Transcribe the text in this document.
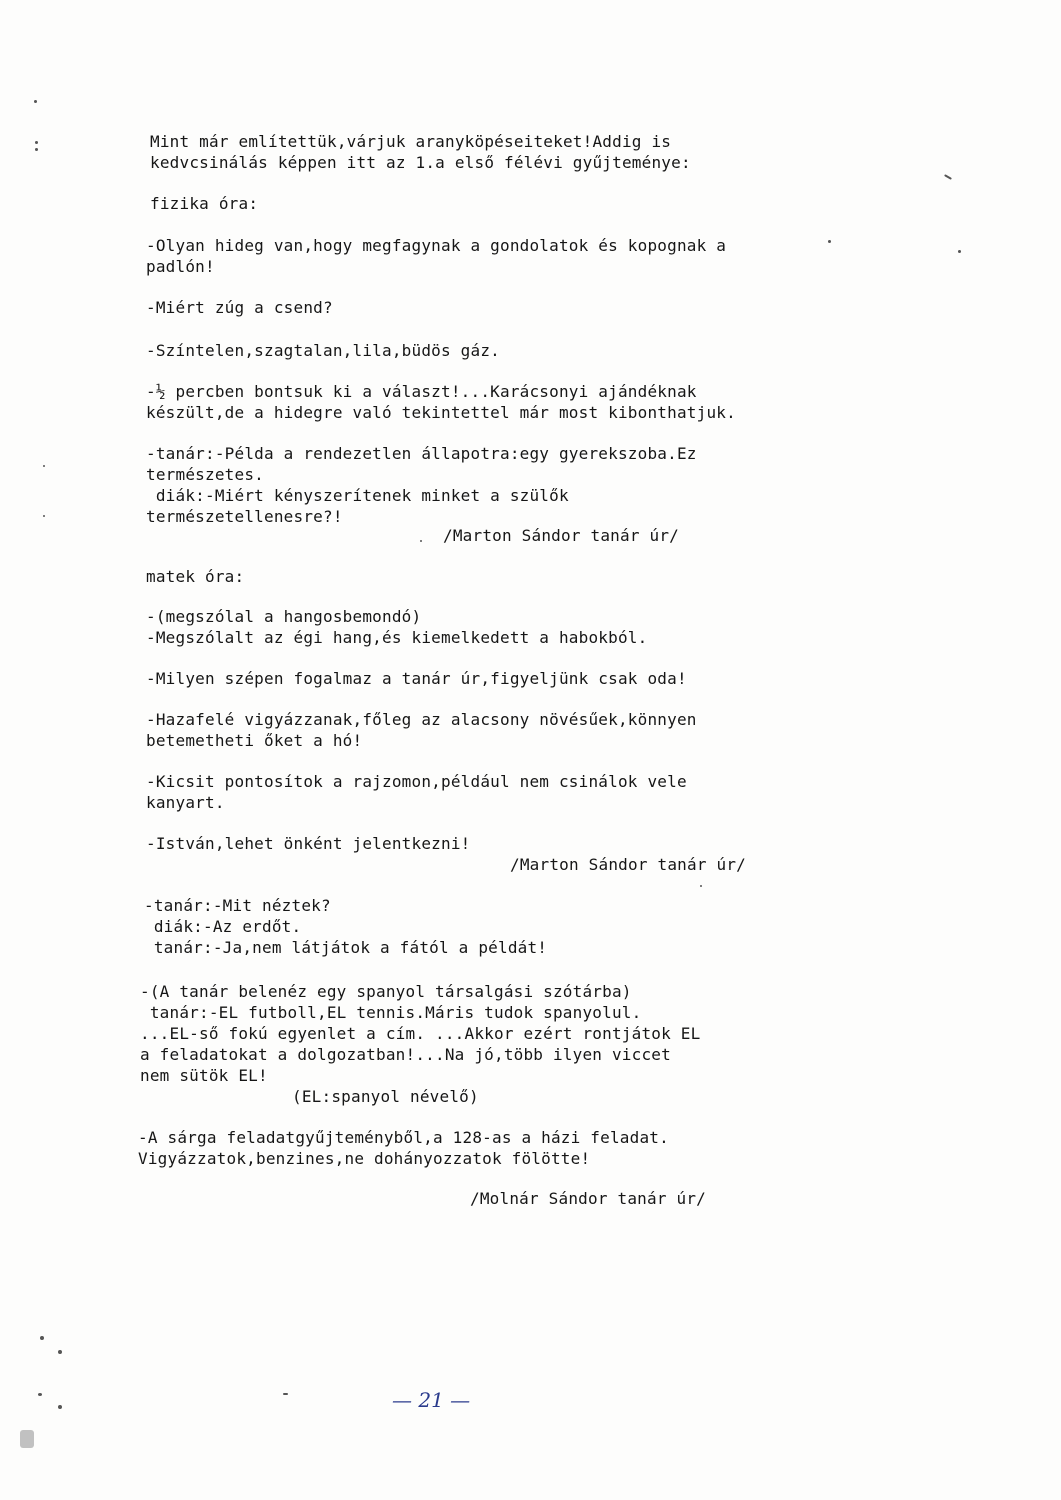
Mint már említettük,várjuk aranyköpéseiteket!Addig is

kedvcsinálás képpen itt az 1.a első félévi gyűjteménye:

fizika óra:

-Olyan hideg van,hogy megfagynak a gondolatok és kopognak a

padlón!

-Miért zúg a csend?

-Színtelen,szagtalan,lila,büdös gáz.

-½ percben bontsuk ki a választ!...Karácsonyi ajándéknak

készült,de a hidegre való tekintettel már most kibonthatjuk.

-tanár:-Példa a rendezetlen állapotra:egy gyerekszoba.Ez

természetes.

diák:-Miért kényszerítenek minket a szülők

természetellenesre?!

/Marton Sándor tanár úr/

matek óra:

-(megszólal a hangosbemondó)

-Megszólalt az égi hang,és kiemelkedett a habokból.

-Milyen szépen fogalmaz a tanár úr,figyeljünk csak oda!

-Hazafelé vigyázzanak,főleg az alacsony növésűek,könnyen

betemetheti őket a hó!

-Kicsit pontosítok a rajzomon,például nem csinálok vele

kanyart.

-István,lehet önként jelentkezni!

/Marton Sándor tanár úr/

-tanár:-Mit néztek?

diák:-Az erdőt.

tanár:-Ja,nem látjátok a fától a példát!

-(A tanár belenéz egy spanyol társalgási szótárba)

tanár:-EL futboll,EL tennis.Máris tudok spanyolul.

...EL-ső fokú egyenlet a cím. ...Akkor ezért rontjátok EL

a feladatokat a dolgozatban!...Na jó,több ilyen viccet

nem sütök EL!

(EL:spanyol névelő)

-A sárga feladatgyűjteményből,a 128-as a házi feladat.

Vigyázzatok,benzines,ne dohányozzatok fölötte!

/Molnár Sándor tanár úr/

— 21 —
